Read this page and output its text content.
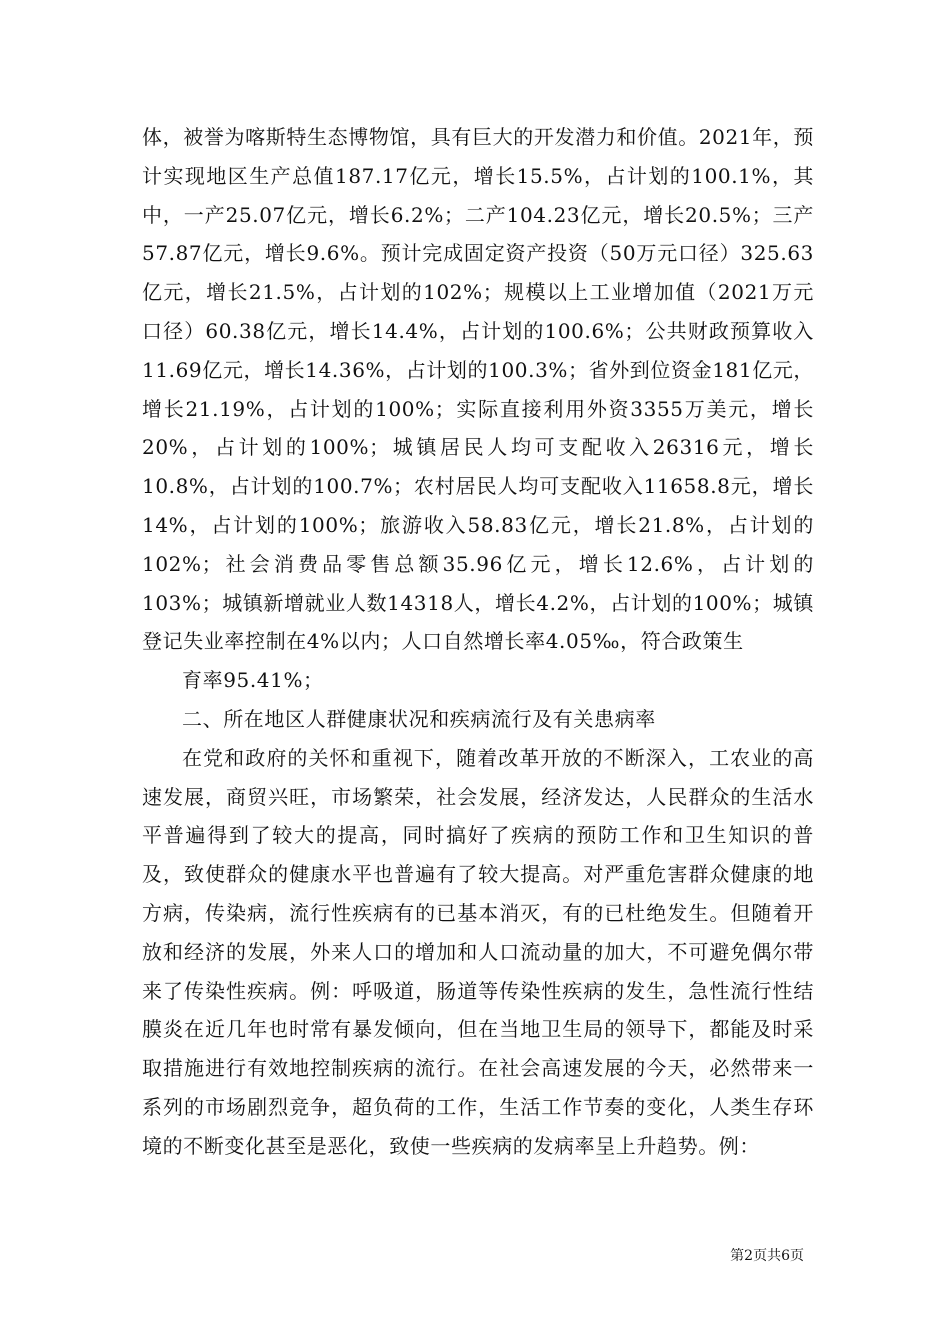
体，被誉为喀斯特生态博物馆，具有巨大的开发潜力和价值。2021年，预计实现地区生产总值187.17亿元，增长15.5%，占计划的100.1%，其中，一产25.07亿元，增长6.2%；二产104.23亿元，增长20.5%；三产57.87亿元，增长9.6%。预计完成固定资产投资（50万元口径）325.63亿元，增长21.5%，占计划的102%；规模以上工业增加值（2021万元口径）60.38亿元，增长14.4%，占计划的100.6%；公共财政预算收入11.69亿元，增长14.36%，占计划的100.3%；省外到位资金181亿元，增长21.19%，占计划的100%；实际直接利用外资3355万美元，增长20%，占计划的100%；城镇居民人均可支配收入26316元，增长10.8%，占计划的100.7%；农村居民人均可支配收入11658.8元，增长14%，占计划的100%；旅游收入58.83亿元，增长21.8%，占计划的102%；社会消费品零售总额35.96亿元，增长12.6%，占计划的103%；城镇新增就业人数14318人，增长4.2%，占计划的100%；城镇登记失业率控制在4%以内；人口自然增长率4.05‰，符合政策生

育率95.41%；

二、所在地区人群健康状况和疾病流行及有关患病率

在党和政府的关怀和重视下，随着改革开放的不断深入，工农业的高速发展，商贸兴旺，市场繁荣，社会发展，经济发达，人民群众的生活水平普遍得到了较大的提高，同时搞好了疾病的预防工作和卫生知识的普及，致使群众的健康水平也普遍有了较大提高。对严重危害群众健康的地方病，传染病，流行性疾病有的已基本消灭，有的已杜绝发生。但随着开放和经济的发展，外来人口的增加和人口流动量的加大，不可避免偶尔带来了传染性疾病。例：呼吸道，肠道等传染性疾病的发生，急性流行性结膜炎在近几年也时常有暴发倾向，但在当地卫生局的领导下，都能及时采取措施进行有效地控制疾病的流行。在社会高速发展的今天，必然带来一系列的市场剧烈竞争，超负荷的工作，生活工作节奏的变化，人类生存环境的不断变化甚至是恶化，致使一些疾病的发病率呈上升趋势。例：

第2页共6页
